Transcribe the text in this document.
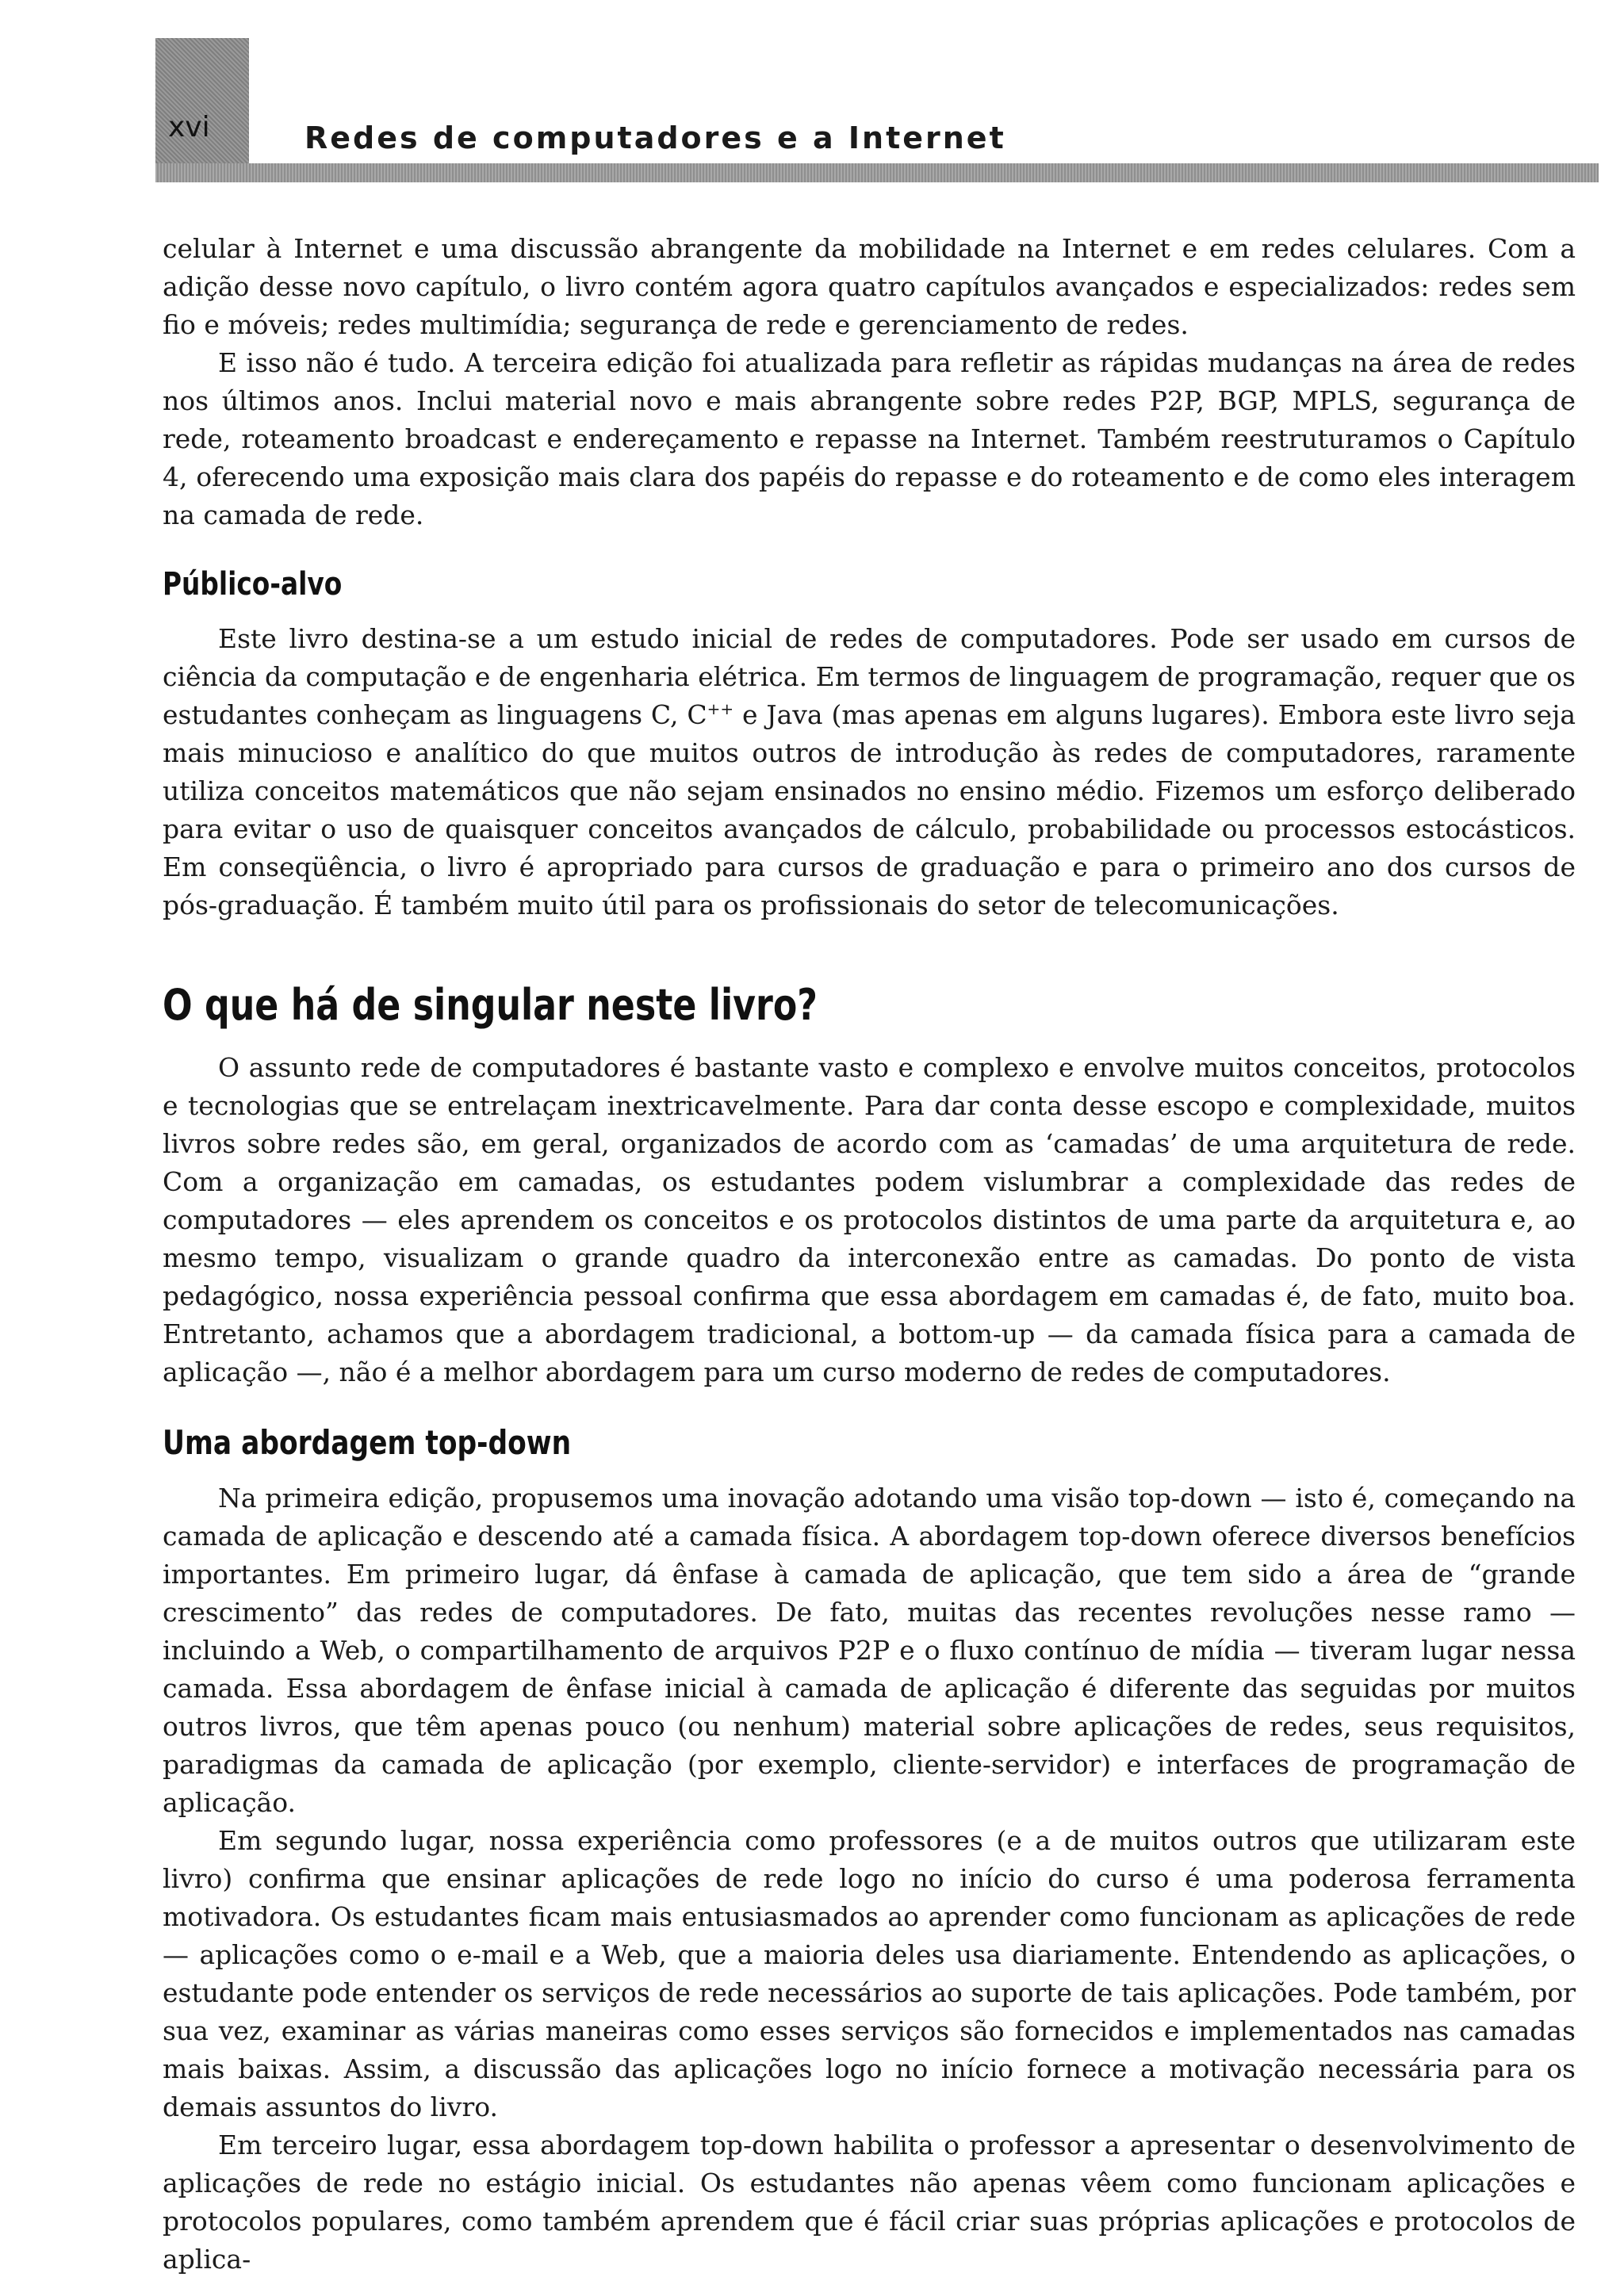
xvi	Redes de computadores e a Internet

celular à Internet e uma discussão abrangente da mobilidade na Internet e em redes celulares. Com a adição desse novo capítulo, o livro contém agora quatro capítulos avançados e especializados: redes sem fio e móveis; redes multimídia; segurança de rede e gerenciamento de redes.

E isso não é tudo. A terceira edição foi atualizada para refletir as rápidas mudanças na área de redes nos últimos anos. Inclui material novo e mais abrangente sobre redes P2P, BGP, MPLS, segurança de rede, roteamento broadcast e endereçamento e repasse na Internet. Também reestruturamos o Capítulo 4, oferecendo uma exposição mais clara dos papéis do repasse e do roteamento e de como eles interagem na camada de rede.

Público-alvo

Este livro destina-se a um estudo inicial de redes de computadores. Pode ser usado em cursos de ciência da computação e de engenharia elétrica. Em termos de linguagem de programação, requer que os estudantes conheçam as linguagens C, C++ e Java (mas apenas em alguns lugares). Embora este livro seja mais minucioso e analítico do que muitos outros de introdução às redes de computadores, raramente utiliza conceitos matemáticos que não sejam ensinados no ensino médio. Fizemos um esforço deliberado para evitar o uso de quaisquer conceitos avançados de cálculo, probabilidade ou processos estocásticos. Em conseqüência, o livro é apropriado para cursos de graduação e para o primeiro ano dos cursos de pós-graduação. É também muito útil para os profissionais do setor de telecomunicações.

O que há de singular neste livro?

O assunto rede de computadores é bastante vasto e complexo e envolve muitos conceitos, protocolos e tecnologias que se entrelaçam inextricavelmente. Para dar conta desse escopo e complexidade, muitos livros sobre redes são, em geral, organizados de acordo com as ‘camadas’ de uma arquitetura de rede. Com a organização em camadas, os estudantes podem vislumbrar a complexidade das redes de computadores — eles aprendem os conceitos e os protocolos distintos de uma parte da arquitetura e, ao mesmo tempo, visualizam o grande quadro da interconexão entre as camadas. Do ponto de vista pedagógico, nossa experiência pessoal confirma que essa abordagem em camadas é, de fato, muito boa. Entretanto, achamos que a abordagem tradicional, a bottom-up — da camada física para a camada de aplicação —, não é a melhor abordagem para um curso moderno de redes de computadores.

Uma abordagem top-down

Na primeira edição, propusemos uma inovação adotando uma visão top-down — isto é, começando na camada de aplicação e descendo até a camada física. A abordagem top-down oferece diversos benefícios importantes. Em primeiro lugar, dá ênfase à camada de aplicação, que tem sido a área de “grande crescimento” das redes de computadores. De fato, muitas das recentes revoluções nesse ramo — incluindo a Web, o compartilhamento de arquivos P2P e o fluxo contínuo de mídia — tiveram lugar nessa camada. Essa abordagem de ênfase inicial à camada de aplicação é diferente das seguidas por muitos outros livros, que têm apenas pouco (ou nenhum) material sobre aplicações de redes, seus requisitos, paradigmas da camada de aplicação (por exemplo, cliente-servidor) e interfaces de programação de aplicação.

Em segundo lugar, nossa experiência como professores (e a de muitos outros que utilizaram este livro) confirma que ensinar aplicações de rede logo no início do curso é uma poderosa ferramenta motivadora. Os estudantes ficam mais entusiasmados ao aprender como funcionam as aplicações de rede — aplicações como o e-mail e a Web, que a maioria deles usa diariamente. Entendendo as aplicações, o estudante pode entender os serviços de rede necessários ao suporte de tais aplicações. Pode também, por sua vez, examinar as várias maneiras como esses serviços são fornecidos e implementados nas camadas mais baixas. Assim, a discussão das aplicações logo no início fornece a motivação necessária para os demais assuntos do livro.

Em terceiro lugar, essa abordagem top-down habilita o professor a apresentar o desenvolvimento de aplicações de rede no estágio inicial. Os estudantes não apenas vêem como funcionam aplicações e protocolos populares, como também aprendem que é fácil criar suas próprias aplicações e protocolos de aplica-
